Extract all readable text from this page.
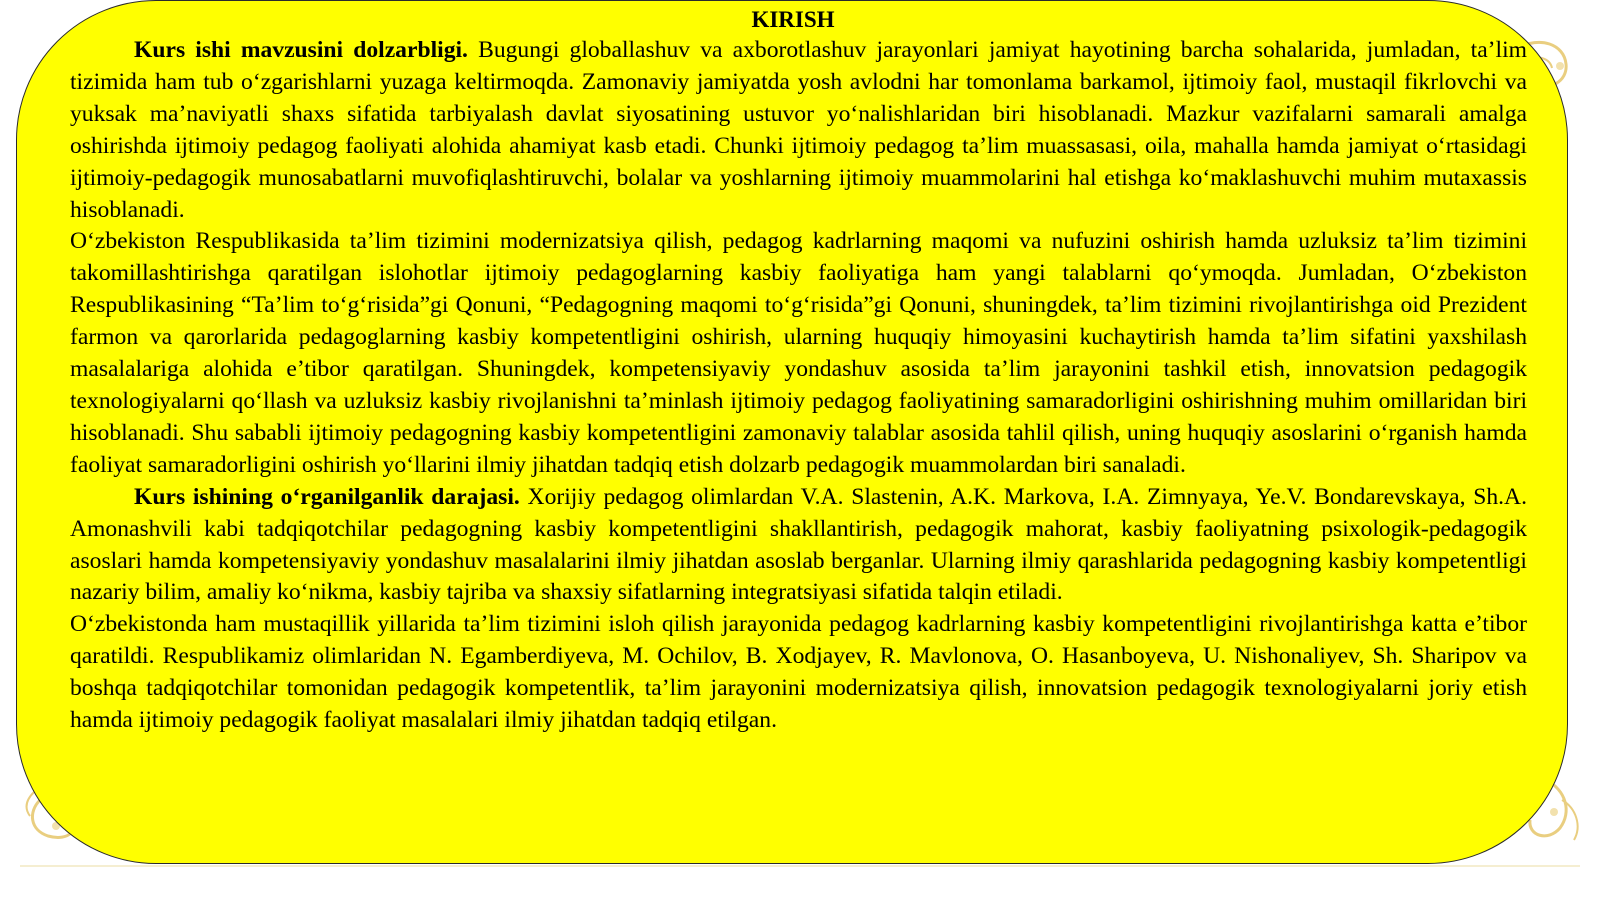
KIRISH

Kurs ishi mavzusini dolzarbligi. Bugungi globallashuv va axborotlashuv jarayonlari jamiyat hayotining barcha sohalarida, jumladan, ta’lim tizimida ham tub o‘zgarishlarni yuzaga keltirmoqda. Zamonaviy jamiyatda yosh avlodni har tomonlama barkamol, ijtimoiy faol, mustaqil fikrlovchi va yuksak ma’naviyatli shaxs sifatida tarbiyalash davlat siyosatining ustuvor yo‘nalishlaridan biri hisoblanadi. Mazkur vazifalarni samarali amalga oshirishda ijtimoiy pedagog faoliyati alohida ahamiyat kasb etadi. Chunki ijtimoiy pedagog ta’lim muassasasi, oila, mahalla hamda jamiyat o‘rtasidagi ijtimoiy-pedagogik munosabatlarni muvofiqlashtiruvchi, bolalar va yoshlarning ijtimoiy muammolarini hal etishga ko‘maklashuvchi muhim mutaxassis hisoblanadi.

O‘zbekiston Respublikasida ta’lim tizimini modernizatsiya qilish, pedagog kadrlarning maqomi va nufuzini oshirish hamda uzluksiz ta’lim tizimini takomillashtirishga qaratilgan islohotlar ijtimoiy pedagoglarning kasbiy faoliyatiga ham yangi talablarni qo‘ymoqda. Jumladan, O‘zbekiston Respublikasining “Ta’lim to‘g‘risida”gi Qonuni, “Pedagogning maqomi to‘g‘risida”gi Qonuni, shuningdek, ta’lim tizimini rivojlantirishga oid Prezident farmon va qarorlarida pedagoglarning kasbiy kompetentligini oshirish, ularning huquqiy himoyasini kuchaytirish hamda ta’lim sifatini yaxshilash masalalariga alohida e’tibor qaratilgan. Shuningdek, kompetensiyaviy yondashuv asosida ta’lim jarayonini tashkil etish, innovatsion pedagogik texnologiyalarni qo‘llash va uzluksiz kasbiy rivojlanishni ta’minlash ijtimoiy pedagog faoliyatining samaradorligini oshirishning muhim omillaridan biri hisoblanadi. Shu sababli ijtimoiy pedagogning kasbiy kompetentligini zamonaviy talablar asosida tahlil qilish, uning huquqiy asoslarini o‘rganish hamda faoliyat samaradorligini oshirish yo‘llarini ilmiy jihatdan tadqiq etish dolzarb pedagogik muammolardan biri sanaladi.

Kurs ishining o‘rganilganlik darajasi. Xorijiy pedagog olimlardan V.A. Slastenin, A.K. Markova, I.A. Zimnyaya, Ye.V. Bondarevskaya, Sh.A. Amonashvili kabi tadqiqotchilar pedagogning kasbiy kompetentligini shakllantirish, pedagogik mahorat, kasbiy faoliyatning psixologik-pedagogik asoslari hamda kompetensiyaviy yondashuv masalalarini ilmiy jihatdan asoslab berganlar. Ularning ilmiy qarashlarida pedagogning kasbiy kompetentligi nazariy bilim, amaliy ko‘nikma, kasbiy tajriba va shaxsiy sifatlarning integratsiyasi sifatida talqin etiladi.

O‘zbekistonda ham mustaqillik yillarida ta’lim tizimini isloh qilish jarayonida pedagog kadrlarning kasbiy kompetentligini rivojlantirishga katta e’tibor qaratildi. Respublikamiz olimlaridan N. Egamberdiyeva, M. Ochilov, B. Xodjayev, R. Mavlonova, O. Hasanboyeva, U. Nishonaliyev, Sh. Sharipov va boshqa tadqiqotchilar tomonidan pedagogik kompetentlik, ta’lim jarayonini modernizatsiya qilish, innovatsion pedagogik texnologiyalarni joriy etish hamda ijtimoiy pedagogik faoliyat masalalari ilmiy jihatdan tadqiq etilgan.
